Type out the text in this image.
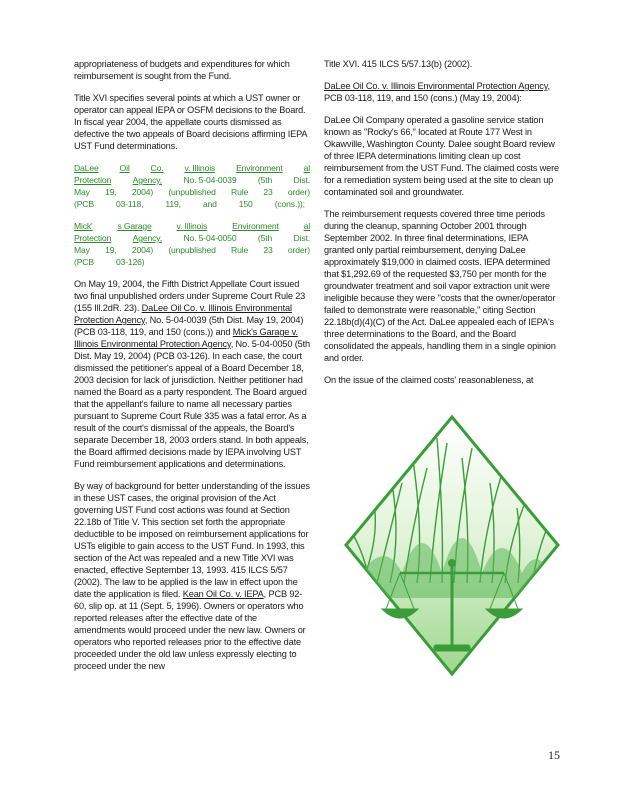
appropriateness of budgets and expenditures for which reimbursement is sought from the Fund.

Title XVI specifies several points at which a UST owner or operator can appeal IEPA or OSFM decisions to the Board. In fiscal year 2004, the appellate courts dismissed as defective the two appeals of Board decisions affirming IEPA UST Fund determinations.

DaLee Oil Co. v. Illinois Environment al
Protection Agency, No. 5-04-0039 (5th Dist.
May 19, 2004) (unpublished Rule 23 order)
(PCB	03-118,	119,	and	150	(cons.));
Mick'	s Garage	v. Illinois	Environment	al
Protection Agency, No. 5-04-0050 (5th Dist.
May 19, 2004) (unpublished Rule 23 order)
(PCB	03-126)

On May 19, 2004, the Fifth District Appellate Court issued two final unpublished orders under Supreme Court Rule 23 (155 Ill.2dR. 23). DaLee Oil Co. v. Illinois Environmental Protection Agency, No. 5-04-0039 (5th Dist. May 19, 2004) (PCB 03-118, 119, and 150 (cons.)) and Mick's Garage v. Illinois Environmental Protection Agency, No. 5-04-0050 (5th Dist. May 19, 2004) (PCB 03-126). In each case, the court dismissed the petitioner's appeal of a Board December 18, 2003 decision for lack of jurisdiction. Neither petitioner had named the Board as a party respondent. The Board argued that the appellant's failure to name all necessary parties pursuant to Supreme Court Rule 335 was a fatal error. As a result of the court's dismissal of the appeals, the Board's separate December 18, 2003 orders stand. In both appeals, the Board affirmed decisions made by IEPA involving UST Fund reimbursement applications and determinations.

By way of background for better understanding of the issues in these UST cases, the original provision of the Act governing UST Fund cost actions was found at Section 22.18b of Title V. This section set forth the appropriate deductible to be imposed on reimbursement applications for USTs eligible to gain access to the UST Fund. In 1993, this section of the Act was repealed and a new Title XVI was enacted, effective September 13, 1993. 415 ILCS 5/57 (2002). The law to be applied is the law in effect upon the date the application is filed. Kean Oil Co. v. IEPA, PCB 92-60, slip op. at 11 (Sept. 5, 1996). Owners or operators who reported releases after the effective date of the amendments would proceed under the new law. Owners or operators who reported releases prior to the effective date proceeded under the old law unless expressly electing to proceed under the new

Title XVI. 415 ILCS 5/57.13(b) (2002).

DaLee Oil Co. v. Illinois Environmental Protection Agency, PCB 03-118, 119, and 150 (cons.) (May 19, 2004):

DaLee Oil Company operated a gasoline service station known as "Rocky's 66," located at Route 177 West in Okawville, Washington County. Dalee sought Board review of three IEPA determinations limiting clean up cost reimbursement from the UST Fund. The claimed costs were for a remediation system being used at the site to clean up contaminated soil and groundwater.

The reimbursement requests covered three time periods during the cleanup, spanning October 2001 through September 2002. In three final determinations, IEPA granted only partial reimbursement, denying DaLee approximately $19,000 in claimed costs. IEPA determined that $1,292.69 of the requested $3,750 per month for the groundwater treatment and soil vapor extraction unit were ineligible because they were "costs that the owner/operator failed to demonstrate were reasonable," citing Section 22.18b(d)(4)(C) of the Act. DaLee appealed each of IEPA's three determinations to the Board, and the Board consolidated the appeals, handling them in a single opinion and order.

On the issue of the claimed costs' reasonableness, at

15
